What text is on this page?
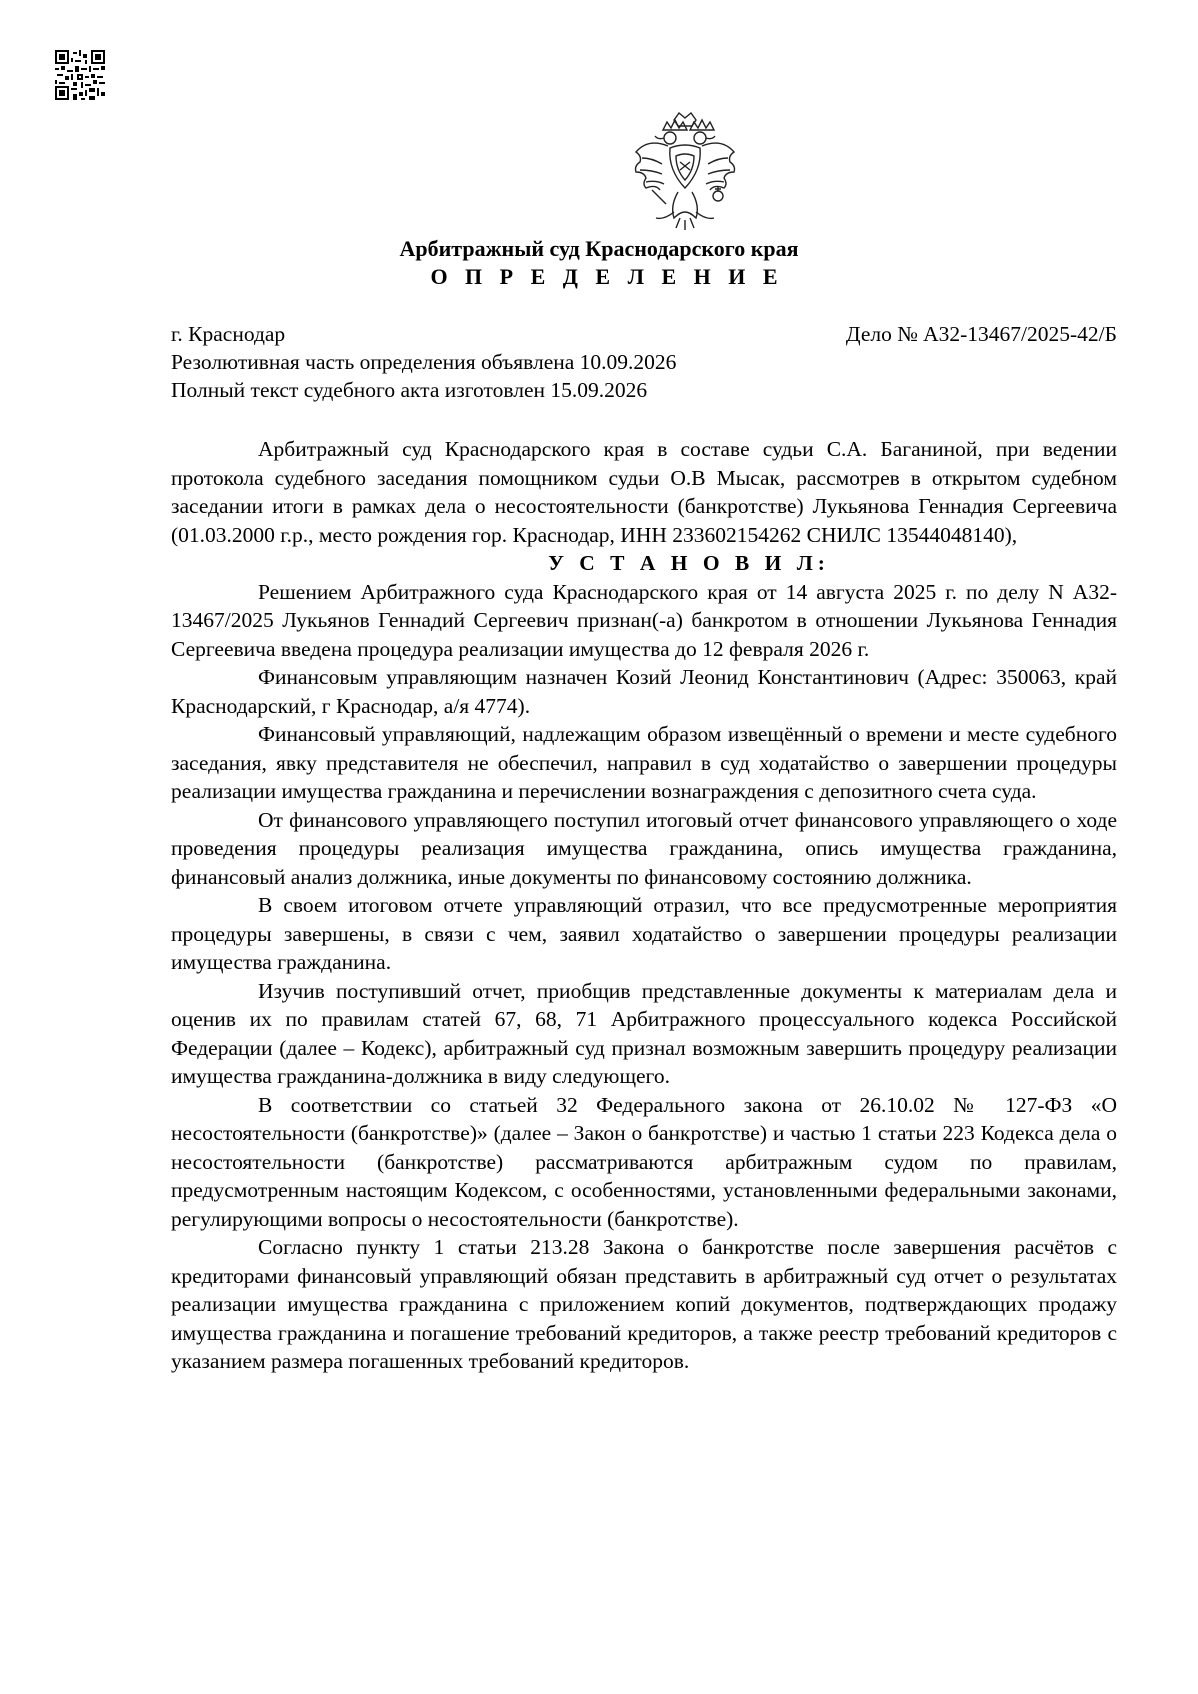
Арбитражный суд Краснодарского края
О П Р Е Д Е Л Е Н И Е
г. Краснодар	Дело № А32-13467/2025-42/Б
Резолютивная часть определения объявлена 10.09.2026
Полный текст судебного акта изготовлен 15.09.2026

Арбитражный суд Краснодарского края в составе судьи С.А. Баганиной, при ведении протокола судебного заседания помощником судьи О.В Мысак, рассмотрев в открытом судебном заседании итоги в рамках дела о несостоятельности (банкротстве) Лукьянова Геннадия Сергеевича (01.03.2000 г.р., место рождения гор. Краснодар, ИНН 233602154262 СНИЛС 13544048140),

У С Т А Н О В И Л:

Решением Арбитражного суда Краснодарского края от 14 августа 2025 г. по делу N А32-13467/2025 Лукьянов Геннадий Сергеевич признан(-а) банкротом в отношении Лукьянова Геннадия Сергеевича введена процедура реализации имущества до 12 февраля 2026 г.

Финансовым управляющим назначен Козий Леонид Константинович (Адрес: 350063, край Краснодарский, г Краснодар, а/я 4774).

Финансовый управляющий, надлежащим образом извещённый о времени и месте судебного заседания, явку представителя не обеспечил, направил в суд ходатайство о завершении процедуры реализации имущества гражданина и перечислении вознаграждения с депозитного счета суда.

От финансового управляющего поступил итоговый отчет финансового управляющего о ходе проведения процедуры реализация имущества гражданина, опись имущества гражданина, финансовый анализ должника, иные документы по финансовому состоянию должника.

В своем итоговом отчете управляющий отразил, что все предусмотренные мероприятия процедуры завершены, в связи с чем, заявил ходатайство о завершении процедуры реализации имущества гражданина.

Изучив поступивший отчет, приобщив представленные документы к материалам дела и оценив их по правилам статей 67, 68, 71 Арбитражного процессуального кодекса Российской Федерации (далее – Кодекс), арбитражный суд признал возможным завершить процедуру реализации имущества гражданина-должника в виду следующего.

В соответствии со статьей 32 Федерального закона от 26.10.02 № 127-ФЗ «О несостоятельности (банкротстве)» (далее – Закон о банкротстве) и частью 1 статьи 223 Кодекса дела о несостоятельности (банкротстве) рассматриваются арбитражным судом по правилам, предусмотренным настоящим Кодексом, с особенностями, установленными федеральными законами, регулирующими вопросы о несостоятельности (банкротстве).

Согласно пункту 1 статьи 213.28 Закона о банкротстве после завершения расчётов с кредиторами финансовый управляющий обязан представить в арбитражный суд отчет о результатах реализации имущества гражданина с приложением копий документов, подтверждающих продажу имущества гражданина и погашение требований кредиторов, а также реестр требований кредиторов с указанием размера погашенных требований кредиторов.
